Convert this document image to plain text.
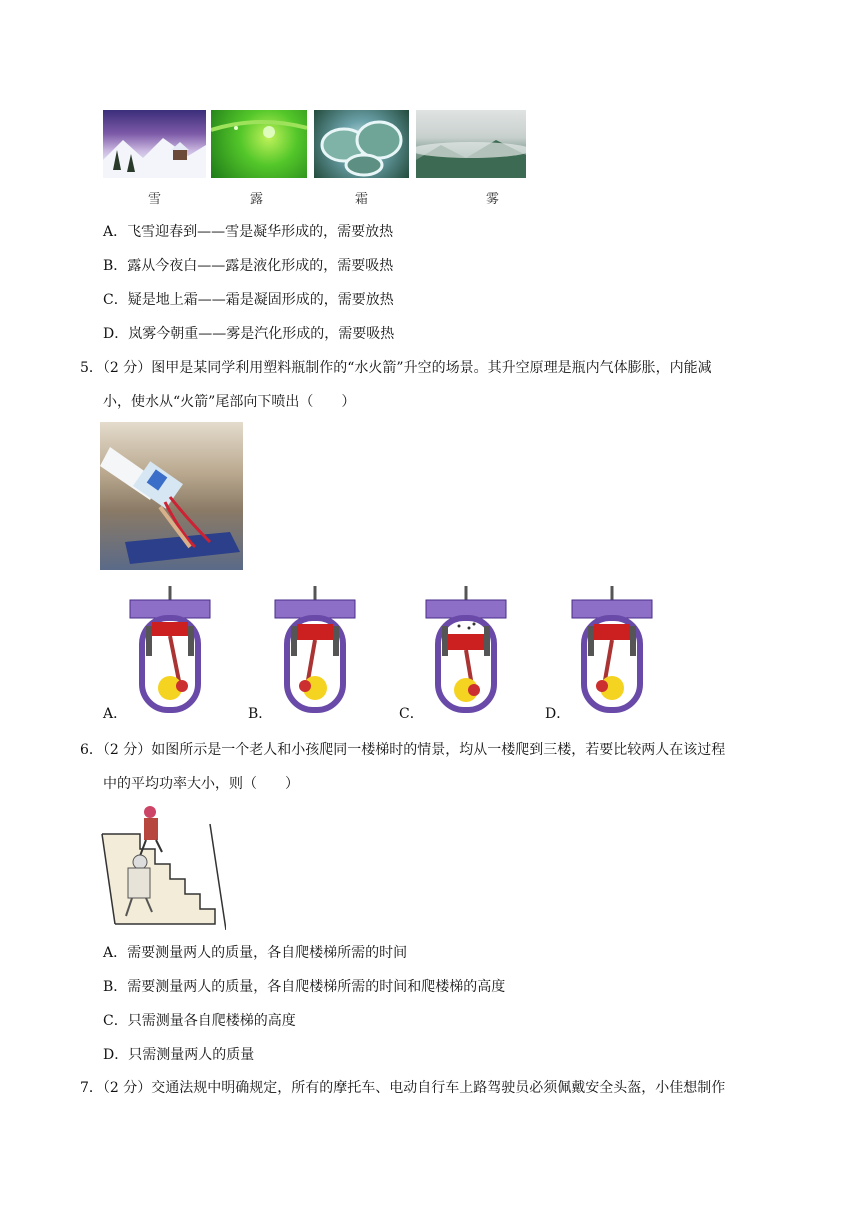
雪	露	霜	雾
A．飞雪迎春到——雪是凝华形成的，需要放热
B．露从今夜白——露是液化形成的，需要吸热
C．疑是地上霜——霜是凝固形成的，需要放热
D．岚雾今朝重——雾是汽化形成的，需要吸热
5．（2 分）图甲是某同学利用塑料瓶制作的“水火箭”升空的场景。其升空原理是瓶内气体膨胀，内能减
小，使水从“火箭”尾部向下喷出（　　）
A．	B．	C．	D．
6．（2 分）如图所示是一个老人和小孩爬同一楼梯时的情景，均从一楼爬到三楼，若要比较两人在该过程
中的平均功率大小，则（　　）
A．需要测量两人的质量，各自爬楼梯所需的时间
B．需要测量两人的质量，各自爬楼梯所需的时间和爬楼梯的高度
C．只需测量各自爬楼梯的高度
D．只需测量两人的质量
7．（2 分）交通法规中明确规定，所有的摩托车、电动自行车上路驾驶员必须佩戴安全头盔，小佳想制作
